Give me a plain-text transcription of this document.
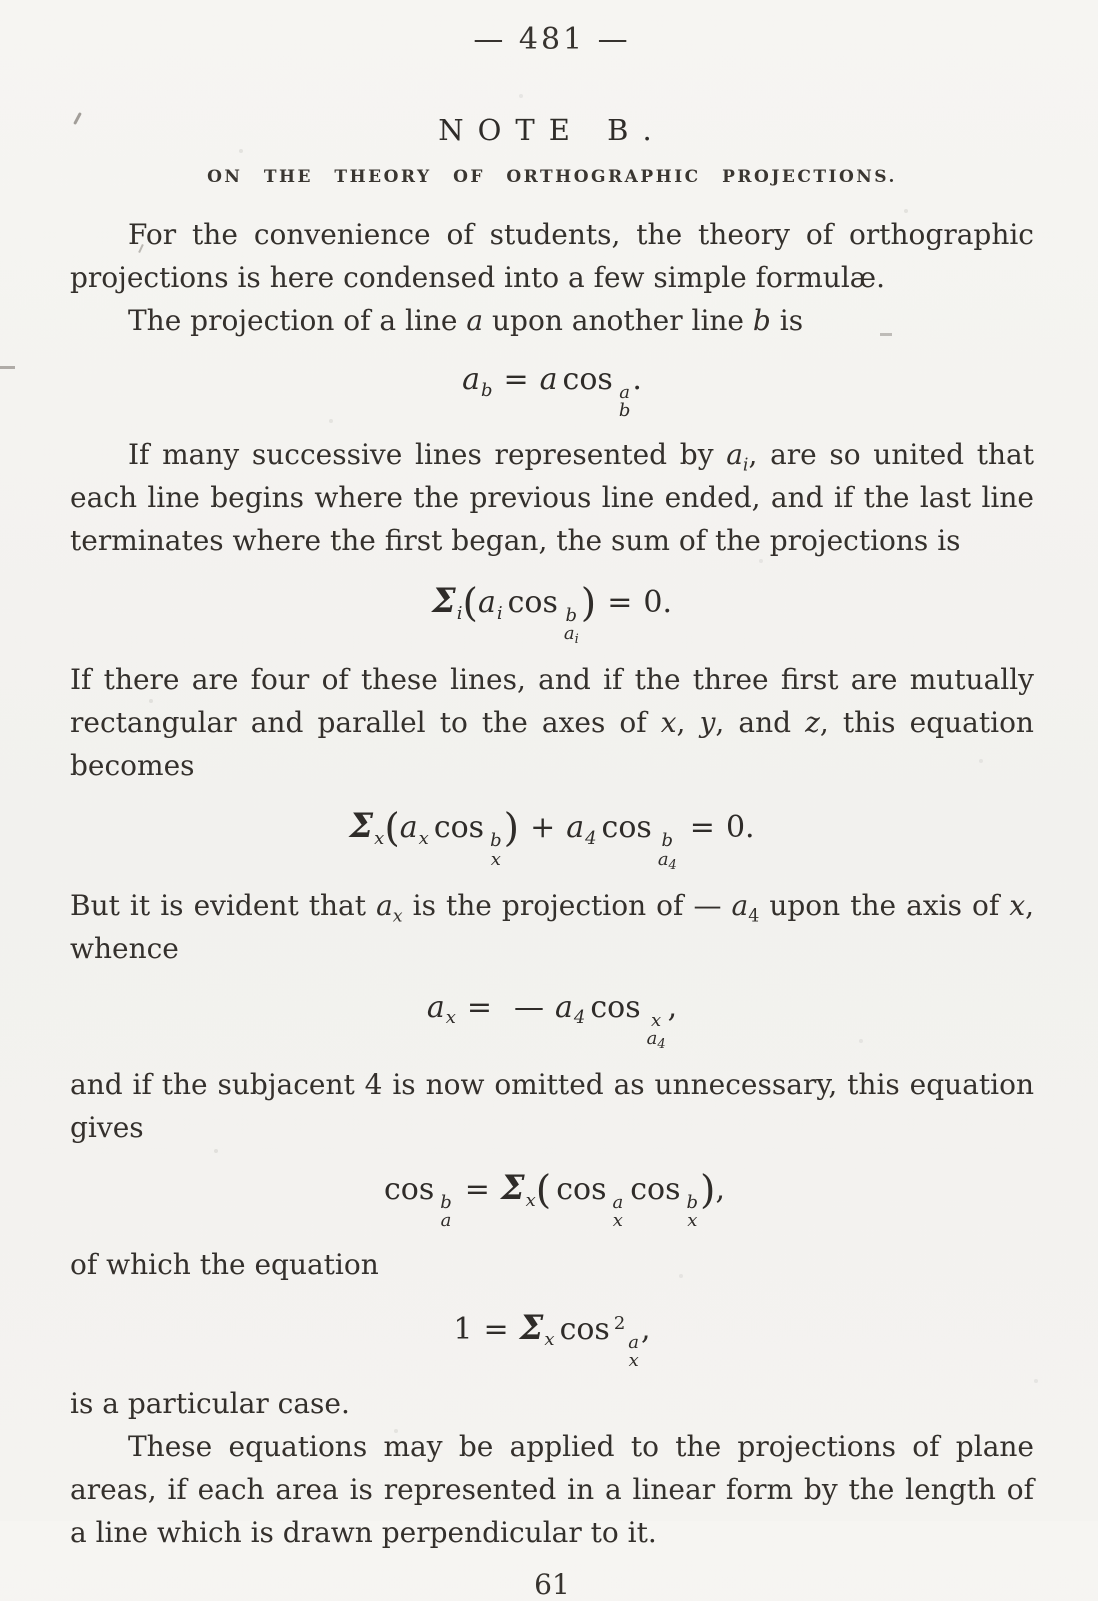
— 481 —
NOTE B.
ON THE THEORY OF ORTHOGRAPHIC PROJECTIONS.

For the convenience of students, the theory of orthographic projections is here condensed into a few simple formulæ.

The projection of a line a upon another line b is

$a_b = a$ cos a
b
.

If many successive lines represented by $a_i$, are so united that each line begins where the previous line ended, and if the last line terminates where the first began, the sum of the projections is

$\Sigma_i(a_i$ cos b
$a_i$
) = 0.

If there are four of these lines, and if the three first are mutually rectangular and parallel to the axes of x, y, and z, this equation becomes

$\Sigma_x(a_x$ cos b
x
) + $a_4$ cos b
$a_4$
= 0.

But it is evident that $a_x$ is the projection of — $a_4$ upon the axis of x, whence

$a_x$ = — $a_4$ cos x
$a_4$
,

and if the subjacent 4 is now omitted as unnecessary, this equation gives

cos b
a
= $\Sigma_x$( cos a
x
cos b
x
),

of which the equation

$1 = \Sigma_x$ cos $^2$
a
x
,

is a particular case.

These equations may be applied to the projections of plane areas, if each area is represented in a linear form by the length of a line which is drawn perpendicular to it.

61
